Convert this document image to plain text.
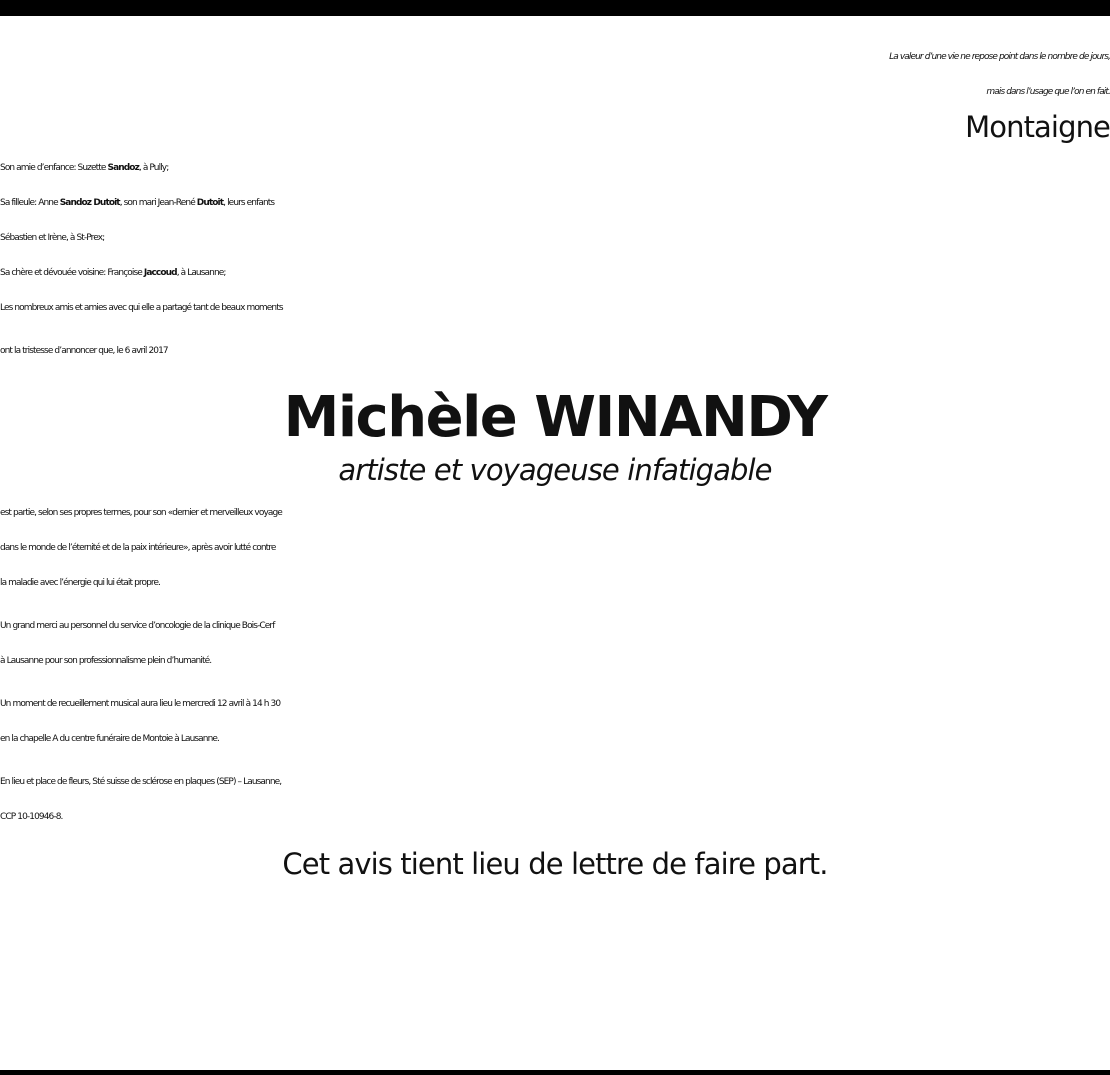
La valeur d’une vie ne repose point dans le nombre de jours,
mais dans l’usage que l’on en fait.
Montaigne
Son amie d’enfance: Suzette Sandoz, à Pully;
Sa filleule: Anne Sandoz Dutoit, son mari Jean-René Dutoit, leurs enfants
Sébastien et Irène, à St-Prex;
Sa chère et dévouée voisine: Françoise Jaccoud, à Lausanne;
Les nombreux amis et amies avec qui elle a partagé tant de beaux moments
ont la tristesse d’annoncer que, le 6 avril 2017
Michèle WINANDY
artiste et voyageuse infatigable
est partie, selon ses propres termes, pour son «dernier et merveilleux voyage
dans le monde de l’éternité et de la paix intérieure», après avoir lutté contre
la maladie avec l’énergie qui lui était propre.
Un grand merci au personnel du service d’oncologie de la clinique Bois-Cerf
à Lausanne pour son professionnalisme plein d’humanité.
Un moment de recueillement musical aura lieu le mercredi 12 avril à 14 h 30
en la chapelle A du centre funéraire de Montoie à Lausanne.
En lieu et place de fleurs, Sté suisse de sclérose en plaques (SEP) – Lausanne,
CCP 10-10946-8.
Cet avis tient lieu de lettre de faire part.
